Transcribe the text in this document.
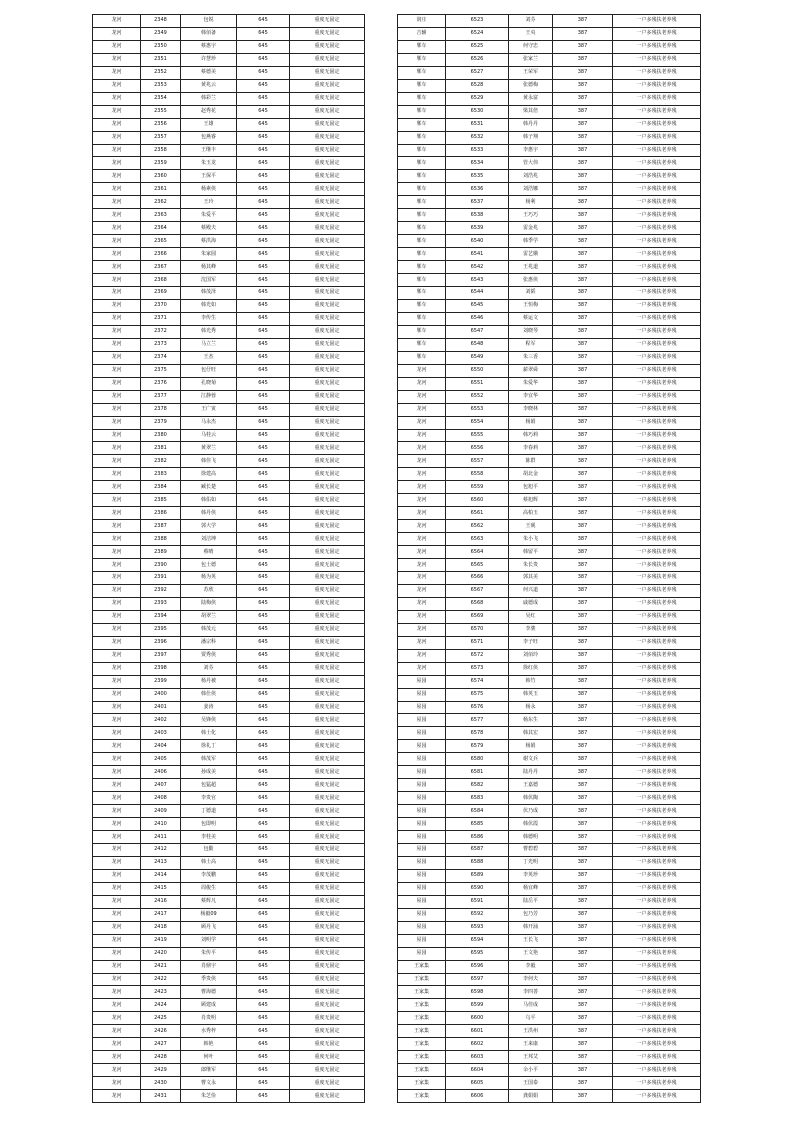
龙河	2348	包锐	645	重度无固定
龙河	2349	韩佰备	645	重度无固定
龙河	2350	蔡惠宇	645	重度无固定
龙河	2351	许慧珍	645	重度无固定
龙河	2352	蔡德美	645	重度无固定
龙河	2353	黄兆云	645	重度无固定
龙河	2354	韩彩兰	645	重度无固定
龙河	2355	赵秀花	645	重度无固定
龙河	2356	王雄	645	重度无固定
龙河	2357	包燕睿	645	重度无固定
龙河	2358	王继丰	645	重度无固定
龙河	2359	朱玉龙	645	重度无固定
龙河	2360	王保平	645	重度无固定
龙河	2361	杨素侠	645	重度无固定
龙河	2362	王玲	645	重度无固定
龙河	2363	朱爱平	645	重度无固定
龙河	2364	蔡殿夫	645	重度无固定
龙河	2365	蔡洪海	645	重度无固定
龙河	2366	朱家圆	645	重度无固定
龙河	2367	杨其峰	645	重度无固定
龙河	2368	沈国军	645	重度无固定
龙河	2369	韩茂泽	645	重度无固定
龙河	2370	韩光如	645	重度无固定
龙河	2371	李传生	645	重度无固定
龙河	2372	韩光秀	645	重度无固定
龙河	2373	马立兰	645	重度无固定
龙河	2374	王杰	645	重度无固定
龙河	2375	包仔旺	645	重度无固定
龙河	2376	孔晓菊	645	重度无固定
龙河	2377	江静蓉	645	重度无固定
龙河	2378	王广寅	645	重度无固定
龙河	2379	马永杰	645	重度无固定
龙河	2380	马桂云	645	重度无固定
龙河	2381	黄翠兰	645	重度无固定
龙河	2382	韩佳飞	645	重度无固定
龙河	2383	徐建高	645	重度无固定
龙河	2384	臧长楚	645	重度无固定
龙河	2385	韩佑如	645	重度无固定
龙河	2386	韩丹侠	645	重度无固定
龙河	2387	郭大学	645	重度无固定
龙河	2388	刘洁坤	645	重度无固定
龙河	2389	蔡晴	645	重度无固定
龙河	2390	包士德	645	重度无固定
龙河	2391	杨为英	645	重度无固定
龙河	2392	苏欣	645	重度无固定
龙河	2393	陆梅侠	645	重度无固定
龙河	2394	胡翠兰	645	重度无固定
龙河	2395	韩茂元	645	重度无固定
龙河	2396	潘宗科	645	重度无固定
龙河	2397	贾秀侠	645	重度无固定
龙河	2398	刘芬	645	重度无固定
龙河	2399	杨丹被	645	重度无固定
龙河	2400	韩仕侠	645	重度无固定
龙河	2401	姜涛	645	重度无固定
龙河	2402	吴锋侠	645	重度无固定
龙河	2403	韩士化	645	重度无固定
龙河	2404	徐礼丁	645	重度无固定
龙河	2405	韩茂军	645	重度无固定
龙河	2406	孙成美	645	重度无固定
龙河	2407	包猛超	645	重度无固定
龙河	2408	李贵官	645	重度无固定
龙河	2409	丁德道	645	重度无固定
龙河	2410	包即明	645	重度无固定
龙河	2411	李桂美	645	重度无固定
龙河	2412	包勤	645	重度无固定
龙河	2413	韩士高	645	重度无固定
龙河	2414	李茂鹏	645	重度无固定
龙河	2415	周俊生	645	重度无固定
龙河	2416	蔡辉凡	645	重度无固定
龙河	2417	杨毅09	645	重度无固定
龙河	2418	顾丹飞	645	重度无固定
龙河	2419	刘明学	645	重度无固定
龙河	2420	朱传平	645	重度无固定
龙河	2421	肖鼎宇	645	重度无固定
龙河	2422	季贵侠	645	重度无固定
龙河	2423	曹海德	645	重度无固定
龙河	2424	顾建成	645	重度无固定
龙河	2425	肖贵明	645	重度无固定
龙河	2426	水秀梓	645	重度无固定
龙河	2427	韩艳	645	重度无固定
龙河	2428	何叶	645	重度无固定
龙河	2429	郎继军	645	重度无固定
龙河	2430	曹文永	645	重度无固定
龙河	2431	朱芝俭	645	重度无固定
润庄	6523	刘芬	387	一户多残扶老养残
吉辅	6524	王央	387	一户多残扶老养残
郸车	6525	何守忠	387	一户多残扶老养残
郸车	6526	张家兰	387	一户多残扶老养残
郸车	6527	王荣军	387	一户多残扶老养残
郸车	6528	张德梅	387	一户多残扶老养残
郸车	6529	黄永富	387	一户多残扶老养残
郸车	6530	梁其倍	387	一户多残扶老养残
郸车	6531	韩丹丹	387	一户多残扶老养残
郸车	6532	韩子翔	387	一户多残扶老养残
郸车	6533	李惠宇	387	一户多残扶老养残
郸车	6534	管大伟	387	一户多残扶老养残
郸车	6535	刘浩兆	387	一户多残扶老养残
郸车	6536	刘浩娜	387	一户多残扶老养残
郸车	6537	杨利	387	一户多残扶老养残
郸车	6538	王巧巧	387	一户多残扶老养残
郸车	6539	雷金兆	387	一户多残扶老养残
郸车	6540	韩季学	387	一户多残扶老养残
郸车	6541	雷艺娥	387	一户多残扶老养残
郸车	6542	王兆道	387	一户多残扶老养残
郸车	6543	张惠侠	387	一户多残扶老养残
郸车	6544	刘韬	387	一户多残扶老养残
郸车	6545	王恒梅	387	一户多残扶老养残
郸车	6546	蔡运文	387	一户多残扶老养残
郸车	6547	刘晓琴	387	一户多残扶老养残
郸车	6548	程军	387	一户多残扶老养残
郸车	6549	朱三香	387	一户多残扶老养残
龙河	6550	薪翠舜	387	一户多残扶老养残
龙河	6551	朱爱华	387	一户多残扶老养残
龙河	6552	李宜华	387	一户多残扶老养残
龙河	6553	李晓林	387	一户多残扶老养残
龙河	6554	杨娟	387	一户多残扶老养残
龙河	6555	韩巧莉	387	一户多残扶老养残
龙河	6556	李春莉	387	一户多残扶老养残
龙河	6557	陈群	387	一户多残扶老养残
龙河	6558	胡北金	387	一户多残扶老养残
龙河	6559	包旭平	387	一户多残扶老养残
龙河	6560	蔡旭辉	387	一户多残扶老养残
龙河	6561	高柏玉	387	一户多残扶老养残
龙河	6562	王砚	387	一户多残扶老养残
龙河	6563	朱小飞	387	一户多残扶老养残
龙河	6564	韩留平	387	一户多残扶老养残
龙河	6565	朱长贵	387	一户多残扶老养残
龙河	6566	郭其美	387	一户多残扶老养残
龙河	6567	何兴道	387	一户多残扶老养残
龙河	6568	戚德成	387	一户多残扶老养残
龙河	6569	吴红	387	一户多残扶老养残
龙河	6570	李骏	387	一户多残扶老养残
龙河	6571	李子旺	387	一户多残扶老养残
龙河	6572	刘佰玲	387	一户多残扶老养残
龙河	6573	徐红侠	387	一户多残扶老养残
屋园	6574	韩竹	387	一户多残扶老养残
屋园	6575	韩英玉	387	一户多残扶老养残
屋园	6576	杨永	387	一户多残扶老养残
屋园	6577	杨东生	387	一户多残扶老养残
屋园	6578	韩其宏	387	一户多残扶老养残
屋园	6579	杨娟	387	一户多残扶老养残
屋园	6580	谢文兵	387	一户多残扶老养残
屋园	6581	陆丹丹	387	一户多残扶老养残
屋园	6582	王嘉德	387	一户多残扶老养残
屋园	6583	韩伏陶	387	一户多残扶老养残
屋园	6584	伏乃成	387	一户多残扶老养残
屋园	6585	韩伏霞	387	一户多残扶老养残
屋园	6586	韩德明	387	一户多残扶老养残
屋园	6587	曹碧碧	387	一户多残扶老养残
屋园	6588	丁光明	387	一户多残扶老养残
屋园	6589	李英珍	387	一户多残扶老养残
屋园	6590	杨宜峰	387	一户多残扶老养残
屋园	6591	陆岳平	387	一户多残扶老养残
屋园	6592	包乃芳	387	一户多残扶老养残
屋园	6593	韩开涌	387	一户多残扶老养残
屋园	6594	王长飞	387	一户多残扶老养残
屋园	6595	王文艳	387	一户多残扶老养残
王家集	6596	李毅	387	一户多残扶老养残
王家集	6597	李何夫	387	一户多残扶老养残
王家集	6598	李四善	387	一户多残扶老养残
王家集	6599	马佳成	387	一户多残扶老养残
王家集	6600	乌平	387	一户多残扶老养残
王家集	6601	王洪州	387	一户多残扶老养残
王家集	6602	王来康	387	一户多残扶老养残
王家集	6603	王邦艾	387	一户多残扶老养残
王家集	6604	余小平	387	一户多残扶老养残
王家集	6605	王国泰	387	一户多残扶老养残
王家集	6606	龚娟娟	387	一户多残扶老养残
